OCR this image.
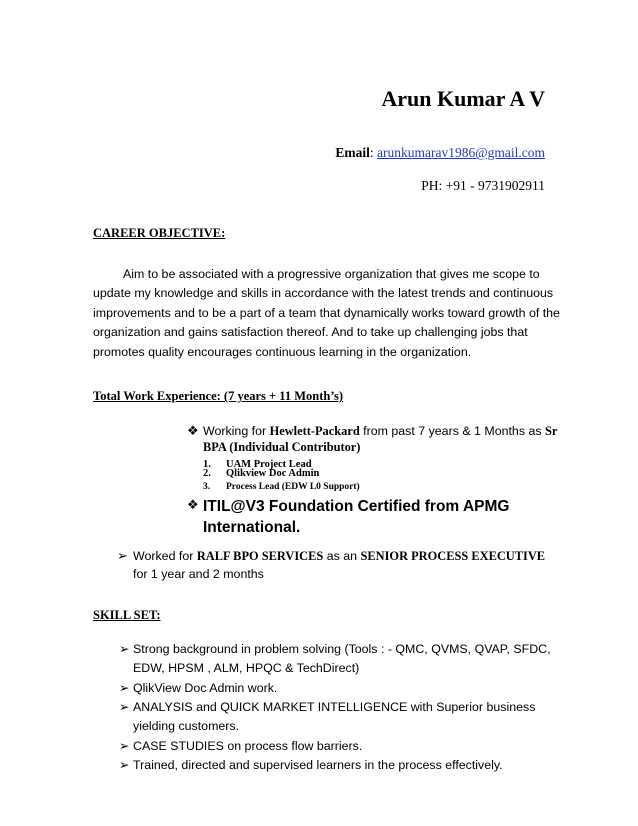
Arun Kumar A V
Email: arunkumarav1986@gmail.com
PH: +91 - 9731902911
CAREER OBJECTIVE:
Aim to be associated with a progressive organization that gives me scope to
update my knowledge and skills in accordance with the latest trends and continuous
improvements and to be a part of a team that dynamically works toward growth of the
organization and gains satisfaction thereof. And to take up challenging jobs that
promotes quality encourages continuous learning in the organization.
Total Work Experience: (7 years + 11 Month’s)
❖ Working for Hewlett-Packard from past 7 years & 1 Months as Sr
BPA (Individual Contributor)
1. UAM Project Lead
2. Qlikview Doc Admin
3. Process Lead (EDW L0 Support)
❖ ITIL@V3 Foundation Certified from APMG International.
➢ Worked for RALF BPO SERVICES as an SENIOR PROCESS EXECUTIVE
for 1 year and 2 months
SKILL SET:
➢ Strong background in problem solving (Tools : - QMC, QVMS, QVAP, SFDC,
EDW, HPSM , ALM, HPQC & TechDirect)
➢ QlikView Doc Admin work.
➢ ANALYSIS and QUICK MARKET INTELLIGENCE with Superior business
yielding customers.
➢ CASE STUDIES on process flow barriers.
➢ Trained, directed and supervised learners in the process effectively.
